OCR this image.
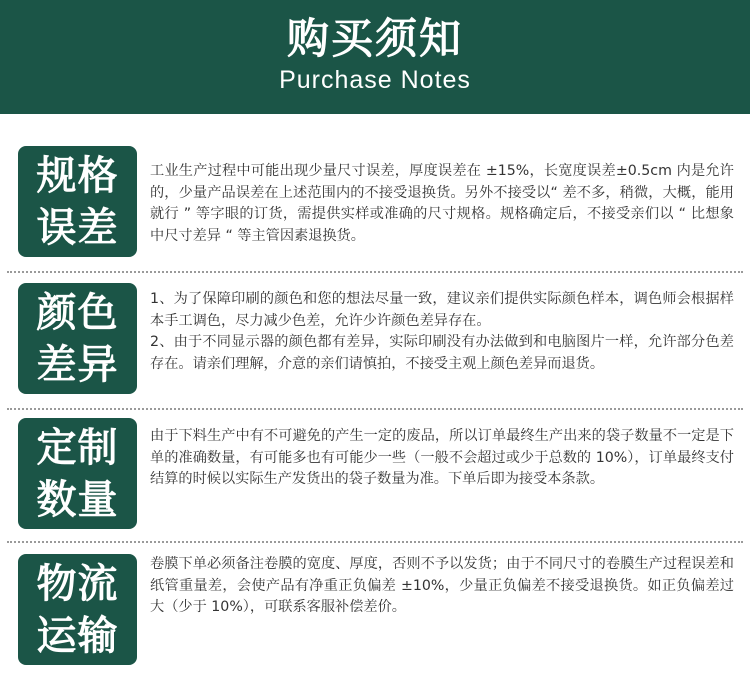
购买须知
Purchase Notes
规格
误差

工业生产过程中可能出现少量尺寸误差，厚度误差在 ±15%，长宽度误差±0.5cm 内是允许的，少量产品误差在上述范围内的不接受退换货。另外不接受以“ 差不多，稍微，大概，能用就行 ” 等字眼的订货，需提供实样或准确的尺寸规格。规格确定后，不接受亲们以 “ 比想象中尺寸差异 “ 等主管因素退换货。

颜色
差异

1、为了保障印刷的颜色和您的想法尽量一致，建议亲们提供实际颜色样本，调色师会根据样本手工调色，尽力减少色差，允许少许颜色差异存在。

2、由于不同显示器的颜色都有差异，实际印刷没有办法做到和电脑图片一样，允许部分色差存在。请亲们理解，介意的亲们请慎拍，不接受主观上颜色差异而退货。

定制
数量

由于下料生产中有不可避免的产生一定的废品，所以订单最终生产出来的袋子数量不一定是下单的准确数量，有可能多也有可能少一些（一般不会超过或少于总数的 10%），订单最终支付结算的时候以实际生产发货出的袋子数量为准。下单后即为接受本条款。

物流
运输

卷膜下单必须备注卷膜的宽度、厚度，否则不予以发货；由于不同尺寸的卷膜生产过程误差和纸管重量差，会使产品有净重正负偏差 ±10%，少量正负偏差不接受退换货。如正负偏差过大（少于 10%），可联系客服补偿差价。
